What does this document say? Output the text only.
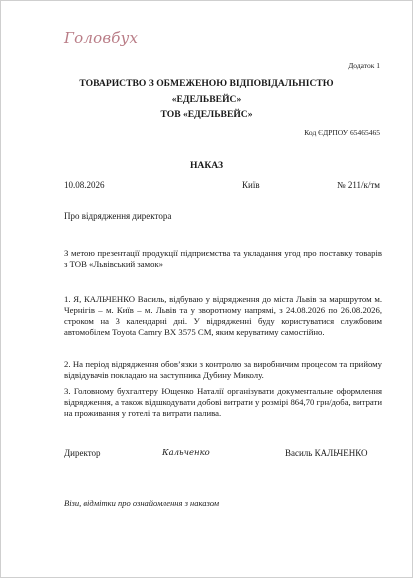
Головбух
Додаток 1
ТОВАРИСТВО З ОБМЕЖЕНОЮ ВІДПОВІДАЛЬНІСТЮ
«ЕДЕЛЬВЕЙС»
ТОВ «ЕДЕЛЬВЕЙС»
Код ЄДРПОУ 65465465
НАКАЗ
10.08.2026	Київ	№ 211/к/тм
Про відрядження директора
З метою презентації продукції підприємства та укладання угод про поставку товарів з ТОВ «Львівський замок»
1. Я, КАЛЬЧЕНКО Василь, відбуваю у відрядження до міста Львів за маршрутом м. Чернігів – м. Київ – м. Львів та у зворотному напрямі, з 24.08.2026 по 26.08.2026, строком на 3 календарні дні. У відрядженні буду користуватися службовим автомобілем Toyota Camry BX 3575 CM, яким керуватиму самостійно.
2. На період відрядження обов’язки з контролю за виробничим процесом та прийому відвідувачів покладаю на заступника Дубину Миколу.
3. Головному бухгалтеру Ющенко Наталії організувати документальне оформлення відрядження, а також відшкодувати добові витрати у розмірі 864,70 грн/доба, витрати на проживання у готелі та витрати палива.
Директор	Кальченко	Василь КАЛЬЧЕНКО
Візи, відмітки про ознайомлення з наказом
